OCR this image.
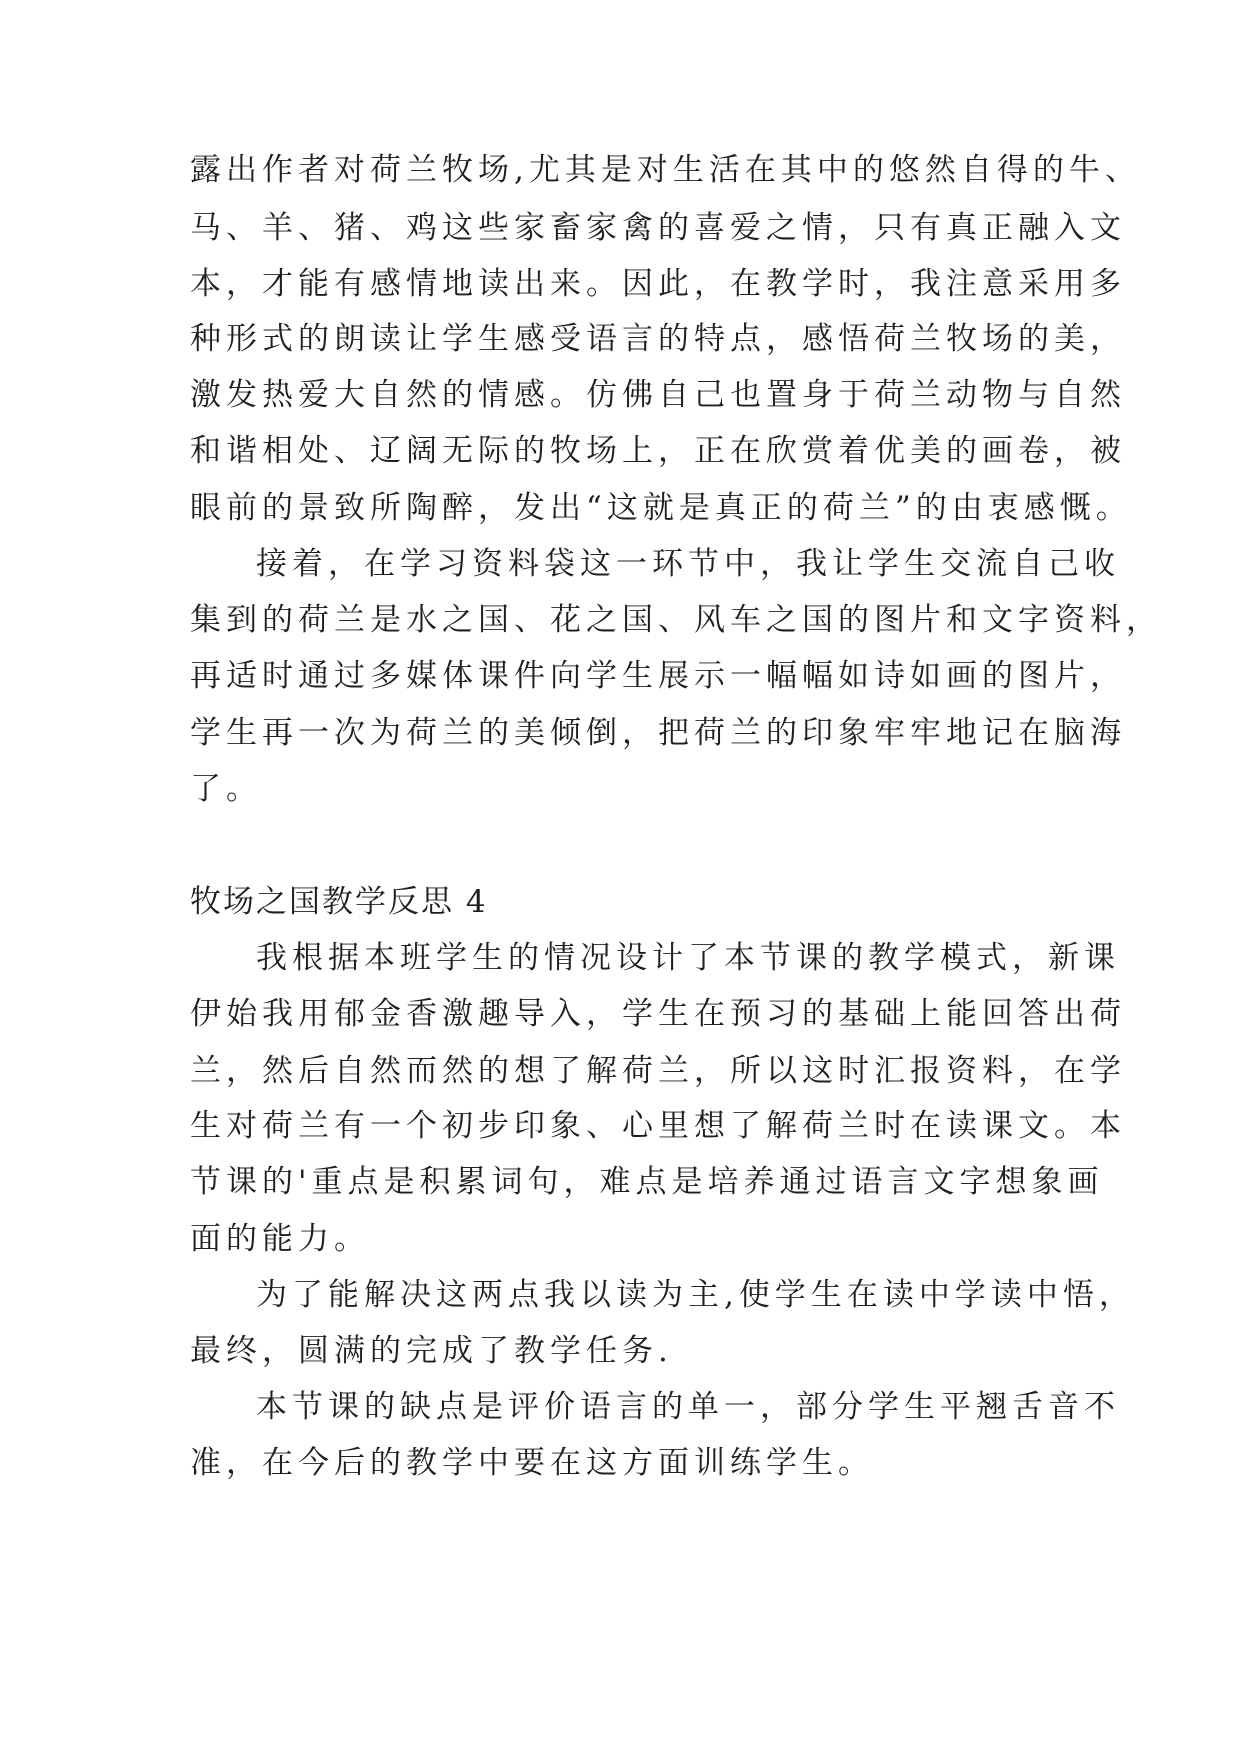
露出作者对荷兰牧场,尤其是对生活在其中的悠然自得的牛、
马、羊、猪、鸡这些家畜家禽的喜爱之情，只有真正融入文
本，才能有感情地读出来。因此，在教学时，我注意采用多
种形式的朗读让学生感受语言的特点，感悟荷兰牧场的美，
激发热爱大自然的情感。仿佛自己也置身于荷兰动物与自然
和谐相处、辽阔无际的牧场上，正在欣赏着优美的画卷，被
眼前的景致所陶醉，发出“这就是真正的荷兰”的由衷感慨。
接着，在学习资料袋这一环节中，我让学生交流自己收
集到的荷兰是水之国、花之国、风车之国的图片和文字资料，
再适时通过多媒体课件向学生展示一幅幅如诗如画的图片，
学生再一次为荷兰的美倾倒，把荷兰的印象牢牢地记在脑海
了。
牧场之国教学反思 4
我根据本班学生的情况设计了本节课的教学模式，新课
伊始我用郁金香激趣导入，学生在预习的基础上能回答出荷
兰，然后自然而然的想了解荷兰，所以这时汇报资料，在学
生对荷兰有一个初步印象、心里想了解荷兰时在读课文。本
节课的'重点是积累词句，难点是培养通过语言文字想象画
面的能力。
为了能解决这两点我以读为主,使学生在读中学读中悟，
最终，圆满的完成了教学任务.
本节课的缺点是评价语言的单一，部分学生平翘舌音不
准，在今后的教学中要在这方面训练学生。
